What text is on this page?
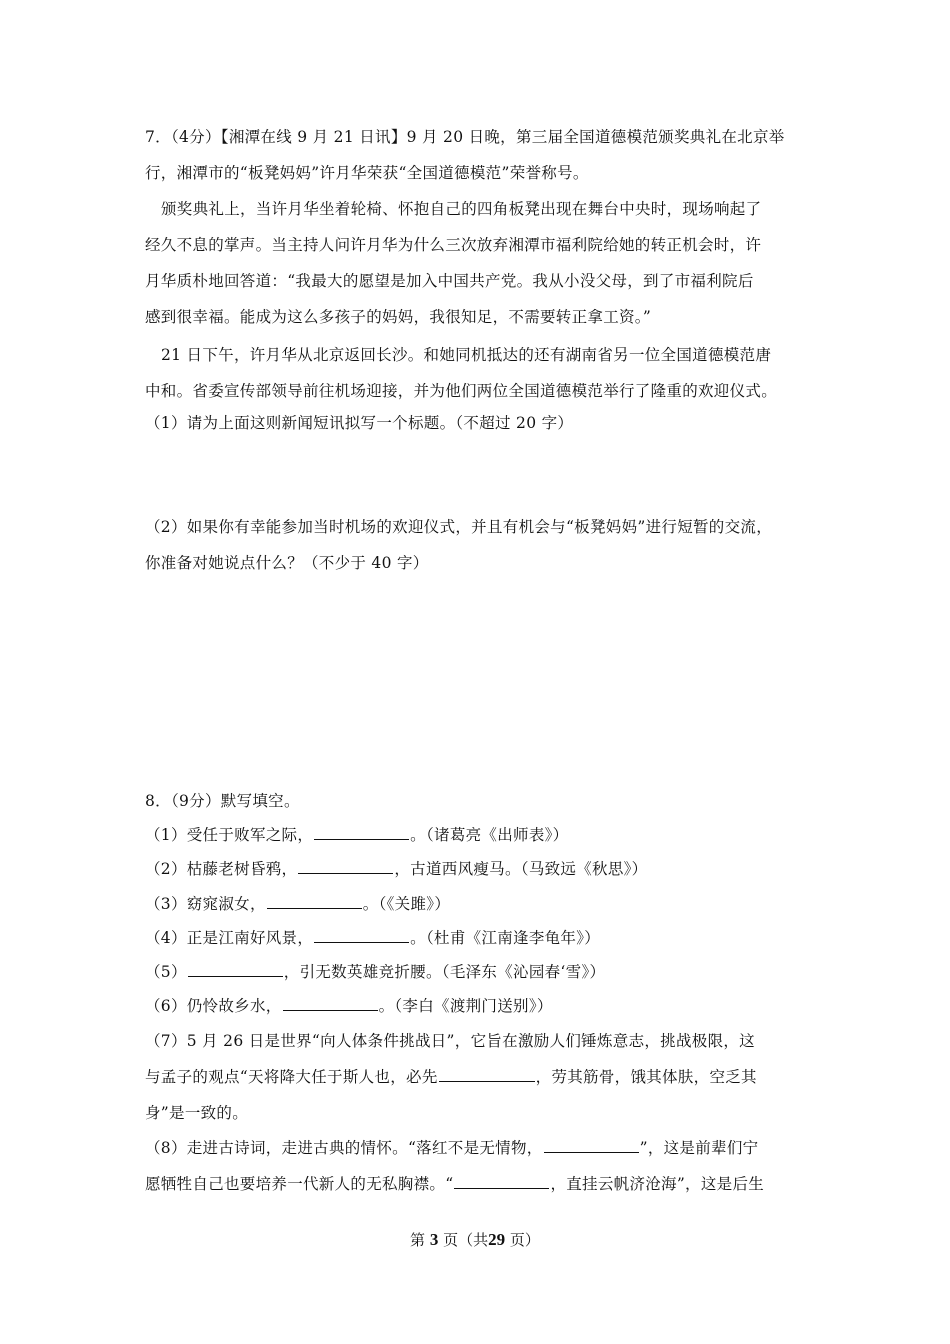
7．（4分）【湘潭在线 9 月 21 日讯】9 月 20 日晚，第三届全国道德模范颁奖典礼在北京举
行，湘潭市的“板凳妈妈”许月华荣获“全国道德模范”荣誉称号。
颁奖典礼上，当许月华坐着轮椅、怀抱自己的四角板凳出现在舞台中央时，现场响起了
经久不息的掌声。当主持人问许月华为什么三次放弃湘潭市福利院给她的转正机会时，许
月华质朴地回答道：“我最大的愿望是加入中国共产党。我从小没父母，到了市福利院后
感到很幸福。能成为这么多孩子的妈妈，我很知足，不需要转正拿工资。”
21 日下午，许月华从北京返回长沙。和她同机抵达的还有湖南省另一位全国道德模范唐
中和。省委宣传部领导前往机场迎接，并为他们两位全国道德模范举行了隆重的欢迎仪式。
（1）请为上面这则新闻短讯拟写一个标题。（不超过 20 字）
（2）如果你有幸能参加当时机场的欢迎仪式，并且有机会与“板凳妈妈”进行短暂的交流，
你准备对她说点什么？（不少于 40 字）
8．（9分）默写填空。
（1）受任于败军之际，	。（诸葛亮《出师表》）
（2）枯藤老树昏鸦，	，古道西风瘦马。（马致远《秋思》）
（3）窈窕淑女，	。（《关雎》）
（4）正是江南好风景，	。（杜甫《江南逢李龟年》）
（5）	，引无数英雄竞折腰。（毛泽东《沁园春‘雪》）
（6）仍怜故乡水，	。（李白《渡荆门送别》）
（7）5 月 26 日是世界“向人体条件挑战日”，它旨在激励人们锤炼意志，挑战极限，这
与孟子的观点“天将降大任于斯人也，必先	，劳其筋骨，饿其体肤，空乏其
身”是一致的。
（8）走进古诗词，走进古典的情怀。“落红不是无情物，	”，这是前辈们宁
愿牺牲自己也要培养一代新人的无私胸襟。“	，直挂云帆济沧海”，这是后生
第 3 页（共29 页）
